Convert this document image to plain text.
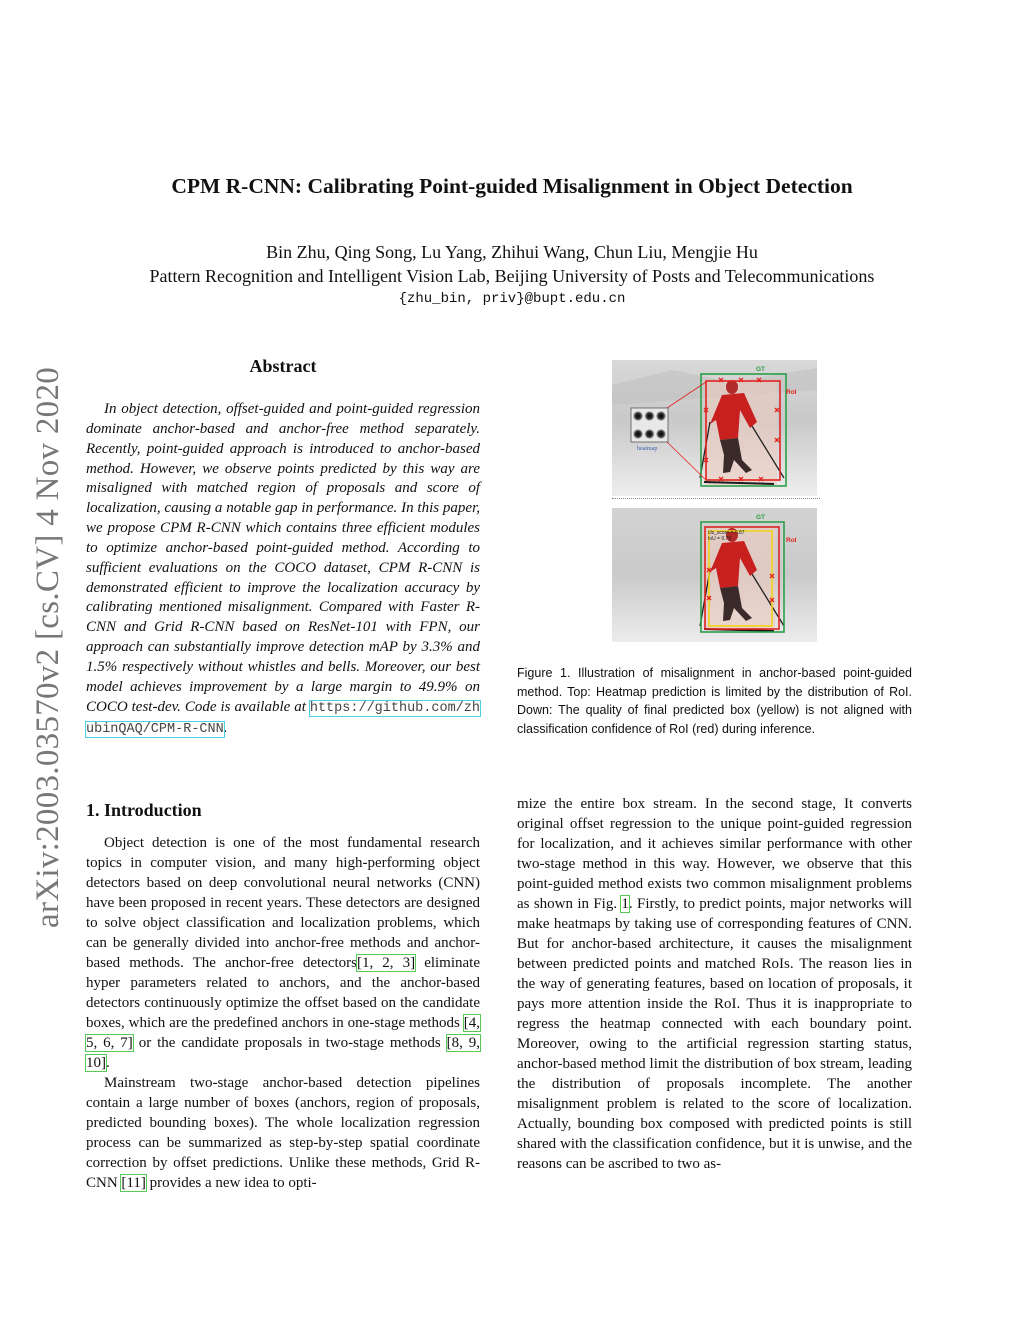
CPM R-CNN: Calibrating Point-guided Misalignment in Object Detection
Bin Zhu, Qing Song, Lu Yang, Zhihui Wang, Chun Liu, Mengjie Hu
Pattern Recognition and Intelligent Vision Lab, Beijing University of Posts and Telecommunications
{zhu_bin, priv}@bupt.edu.cn
arXiv:2003.03570v2 [cs.CV] 4 Nov 2020
Abstract
In object detection, offset-guided and point-guided regression dominate anchor-based and anchor-free method separately. Recently, point-guided approach is introduced to anchor-based method. However, we observe points predicted by this way are misaligned with matched region of proposals and score of localization, causing a notable gap in performance. In this paper, we propose CPM R-CNN which contains three efficient modules to optimize anchor-based point-guided method. According to sufficient evaluations on the COCO dataset, CPM R-CNN is demonstrated efficient to improve the localization accuracy by calibrating mentioned misalignment. Compared with Faster R-CNN and Grid R-CNN based on ResNet-101 with FPN, our approach can substantially improve detection mAP by 3.3% and 1.5% respectively without whistles and bells. Moreover, our best model achieves improvement by a large margin to 49.9% on COCO test-dev. Code is available at https://github.com/zhubinQAQ/CPM-R-CNN.
GT
RoI
heatmap
cls_score = 0.87
IoU = 0.79
GT
RoI
Figure 1. Illustration of misalignment in anchor-based point-guided method. Top: Heatmap prediction is limited by the distribution of RoI. Down: The quality of final predicted box (yellow) is not aligned with classification confidence of RoI (red) during inference.
1. Introduction

Object detection is one of the most fundamental research topics in computer vision, and many high-performing object detectors based on deep convolutional neural networks (CNN) have been proposed in recent years. These detectors are designed to solve object classification and localization problems, which can be generally divided into anchor-free methods and anchor-based methods. The anchor-free detectors[1, 2, 3] eliminate hyper parameters related to anchors, and the anchor-based detectors continuously optimize the offset based on the candidate boxes, which are the predefined anchors in one-stage methods [4, 5, 6, 7] or the candidate proposals in two-stage methods [8, 9, 10].

Mainstream two-stage anchor-based detection pipelines contain a large number of boxes (anchors, region of proposals, predicted bounding boxes). The whole localization regression process can be summarized as step-by-step spatial coordinate correction by offset predictions. Unlike these methods, Grid R-CNN [11] provides a new idea to opti-

mize the entire box stream. In the second stage, It converts original offset regression to the unique point-guided regression for localization, and it achieves similar performance with other two-stage method in this way. However, we observe that this point-guided method exists two common misalignment problems as shown in Fig. 1. Firstly, to predict points, major networks will make heatmaps by taking use of corresponding features of CNN. But for anchor-based architecture, it causes the misalignment between predicted points and matched RoIs. The reason lies in the way of generating features, based on location of proposals, it pays more attention inside the RoI. Thus it is inappropriate to regress the heatmap connected with each boundary point. Moreover, owing to the artificial regression starting status, anchor-based method limit the distribution of box stream, leading the distribution of proposals incomplete. The another misalignment problem is related to the score of localization. Actually, bounding box composed with predicted points is still shared with the classification confidence, but it is unwise, and the reasons can be ascribed to two as-
